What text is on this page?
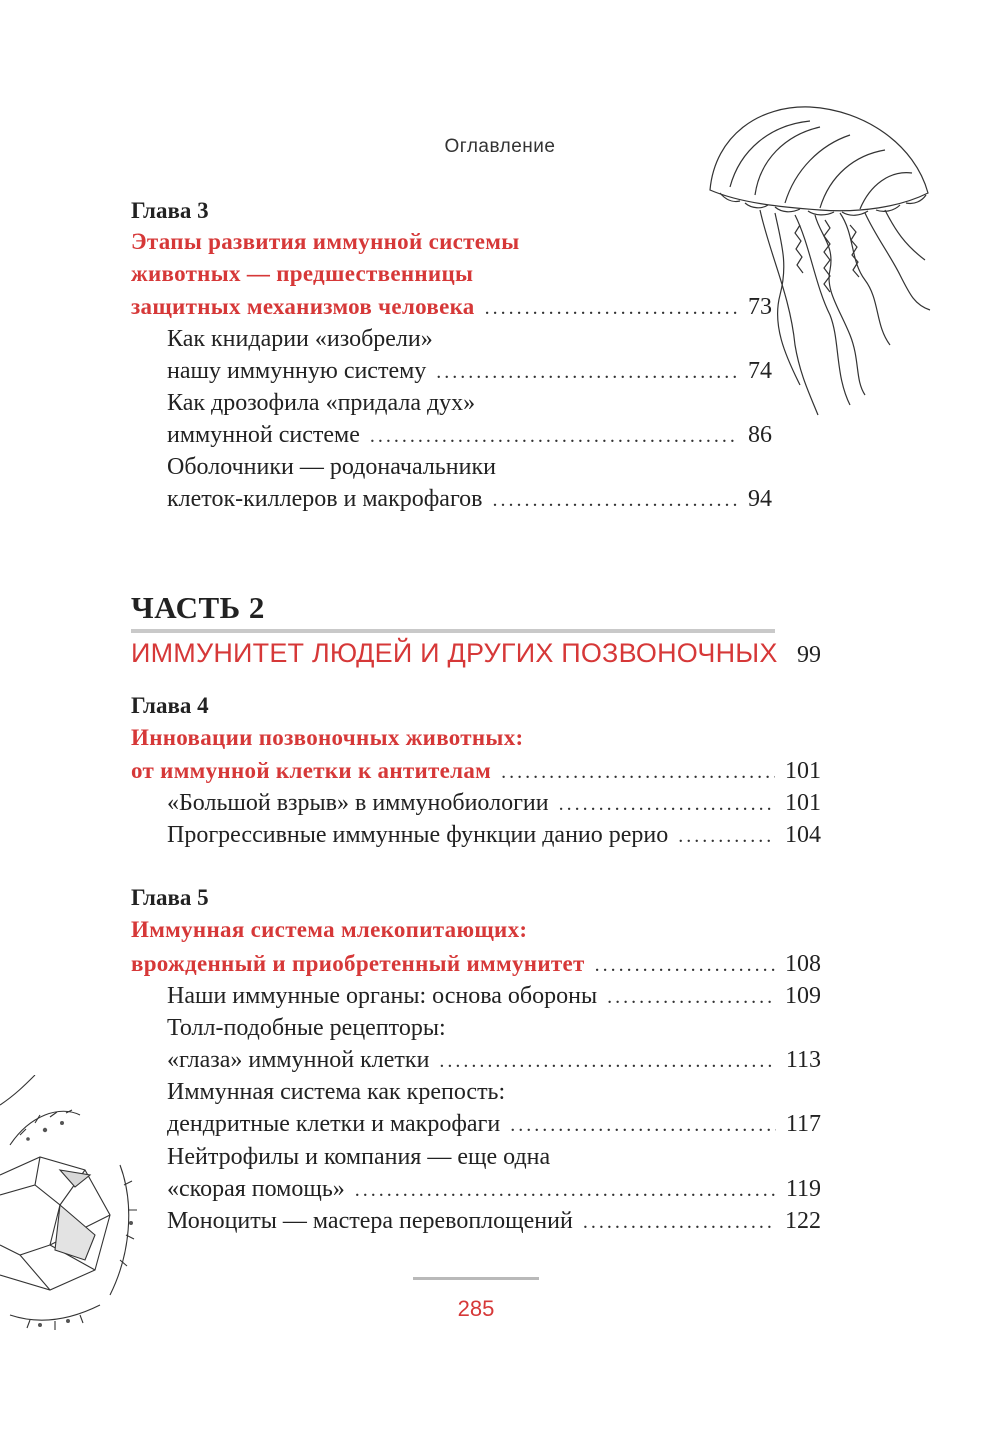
Оглавление
Глава 3
Этапы развития иммунной системы
животных — предшественницы
защитных механизмов человека .....	73
Как книдарии «изобрели»
нашу иммунную систему .....	74
Как дрозофила «придала дух»
иммунной системе .....	86
Оболочники — родоначальники
клеток-киллеров и макрофагов .....	94
ЧАСТЬ 2
ИММУНИТЕТ ЛЮДЕЙ И ДРУГИХ ПОЗВОНОЧНЫХ 99
Глава 4
Инновации позвоночных животных:
от иммунной клетки к антителам .....	101
«Большой взрыв» в иммунобиологии .....	101
Прогрессивные иммунные функции данио рерио .....	104
Глава 5
Иммунная система млекопитающих:
врожденный и приобретенный иммунитет .....	108
Наши иммунные органы: основа обороны .....	109
Толл-подобные рецепторы:
«глаза» иммунной клетки .....	113
Иммунная система как крепость:
дендритные клетки и макрофаги .....	117
Нейтрофилы и компания — еще одна
«скорая помощь» .....	119
Моноциты — мастера перевоплощений .....	122
285
